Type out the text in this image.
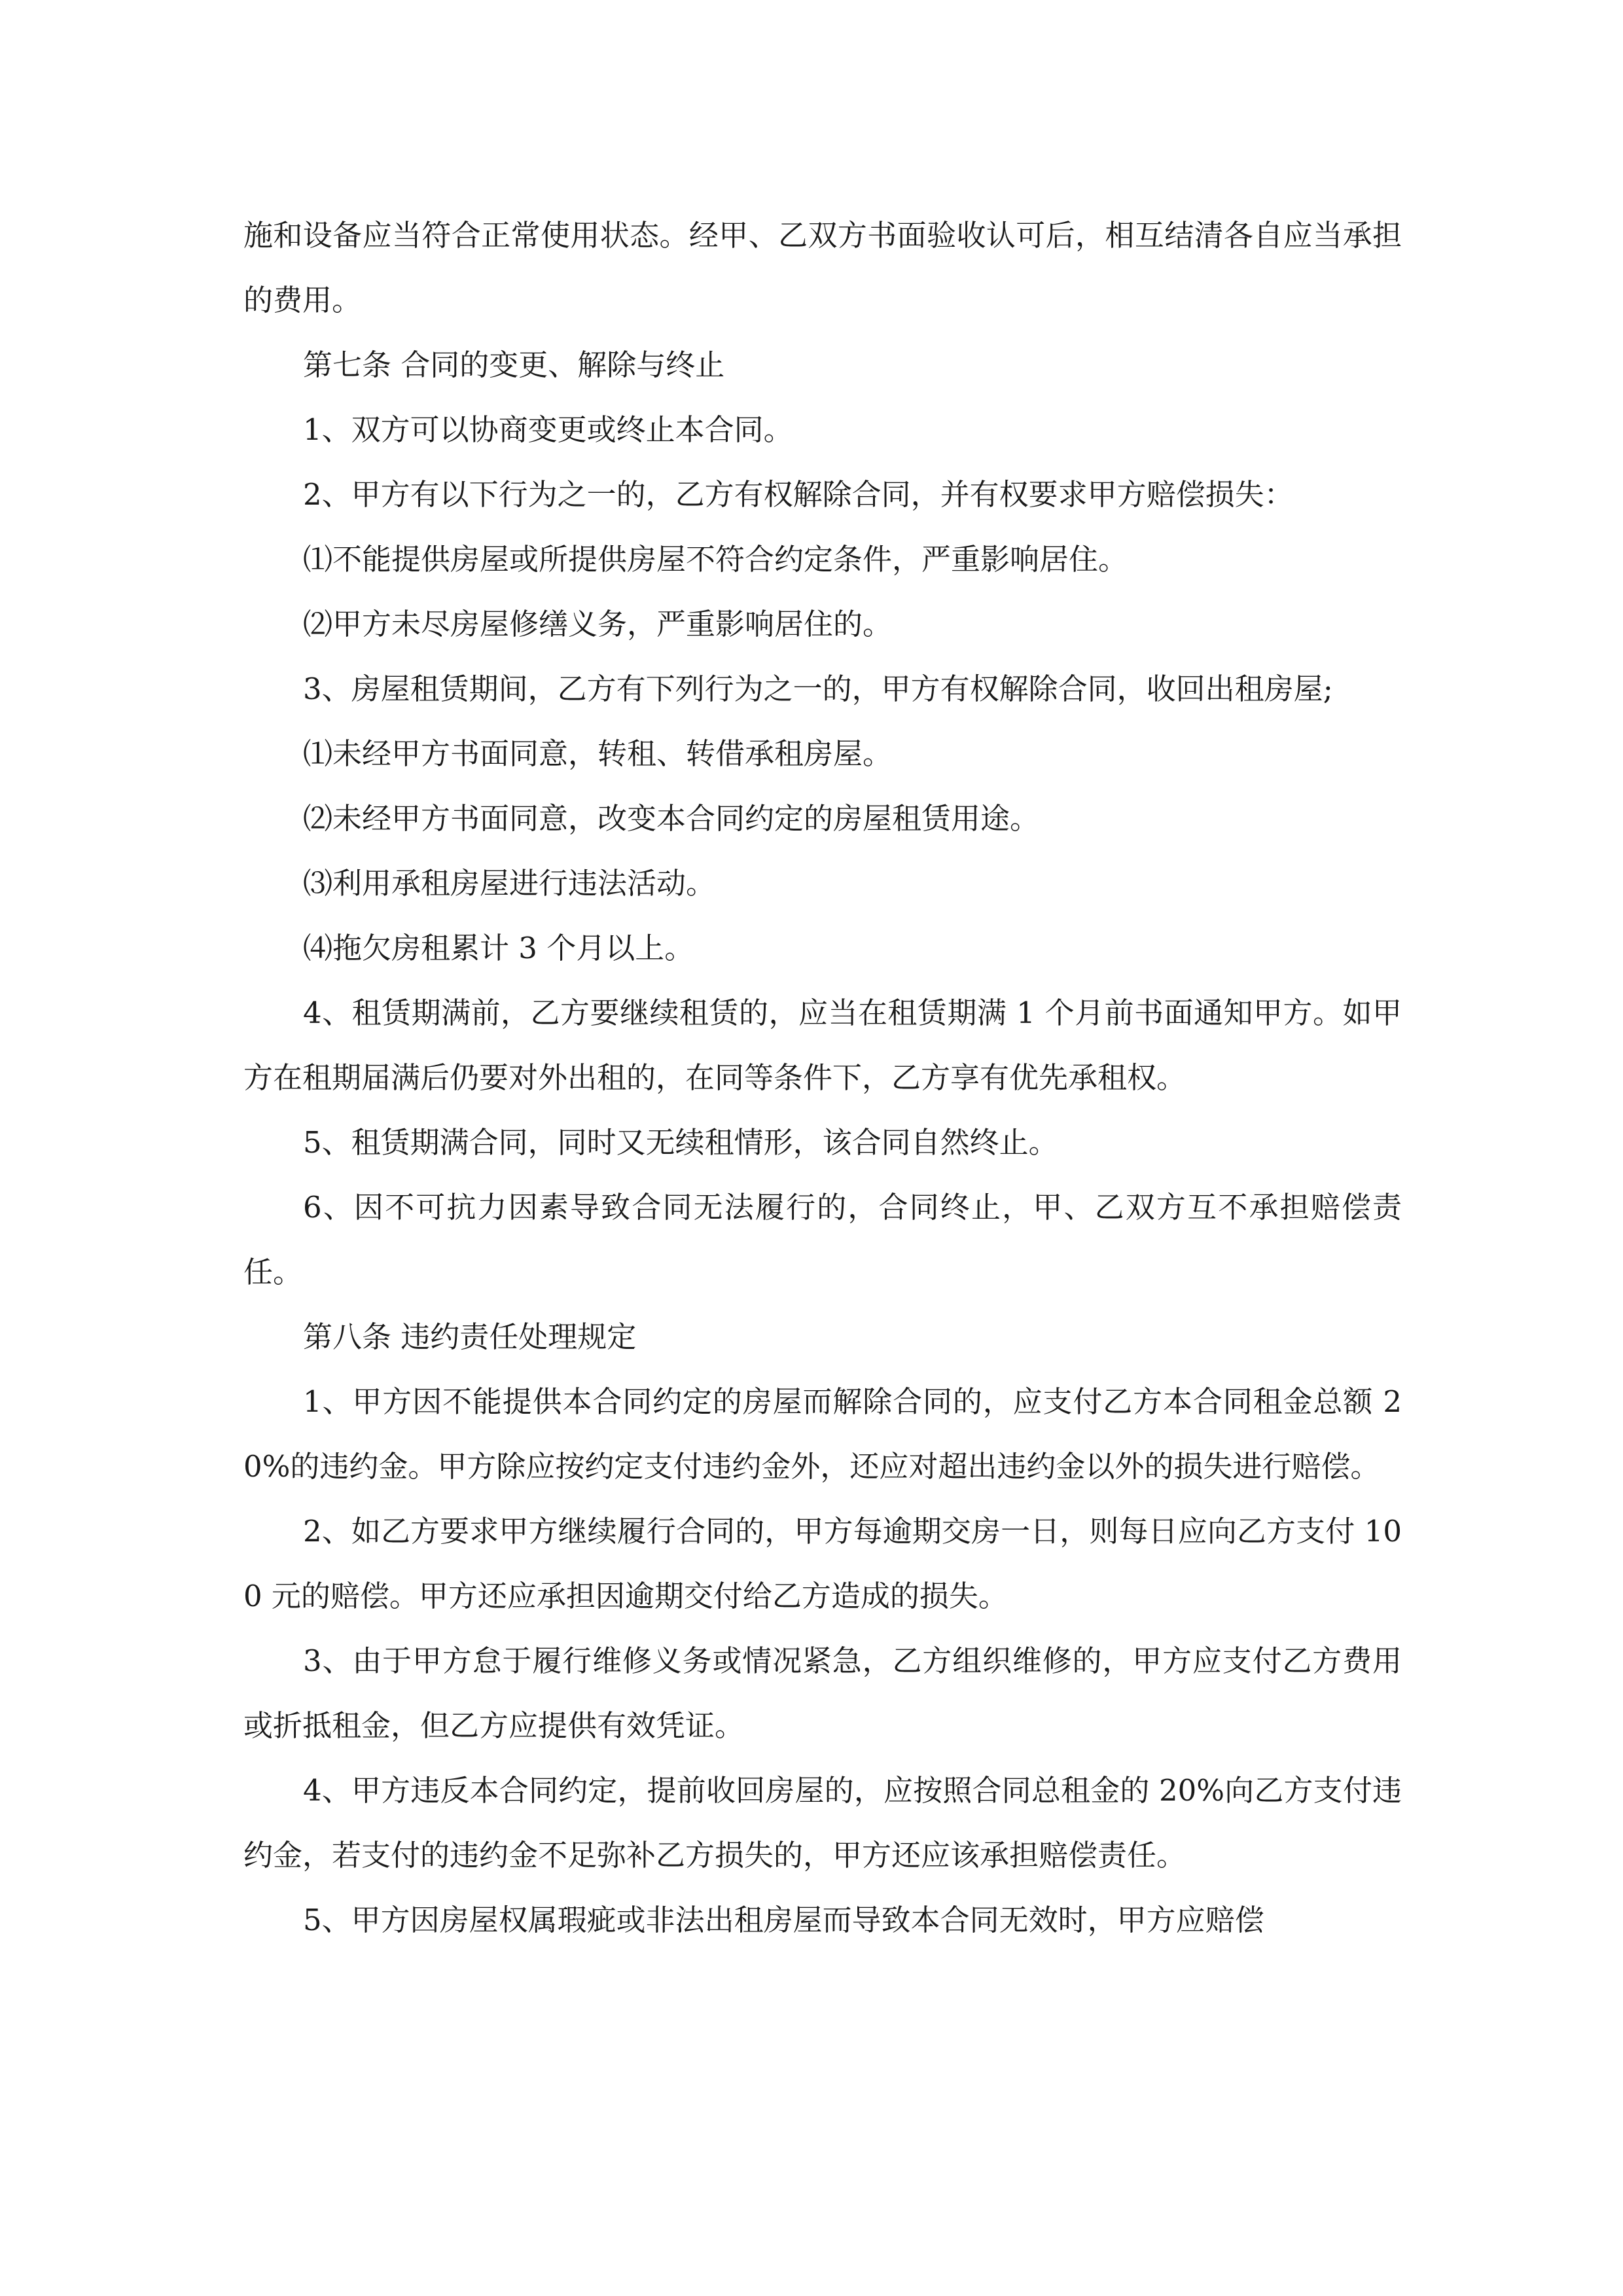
施和设备应当符合正常使用状态。经甲、乙双方书面验收认可后，相互结清各自应当承担的费用。

第七条 合同的变更、解除与终止

1、双方可以协商变更或终止本合同。

2、甲方有以下行为之一的，乙方有权解除合同，并有权要求甲方赔偿损失：

⑴不能提供房屋或所提供房屋不符合约定条件，严重影响居住。

⑵甲方未尽房屋修缮义务，严重影响居住的。

3、房屋租赁期间，乙方有下列行为之一的，甲方有权解除合同，收回出租房屋;

⑴未经甲方书面同意，转租、转借承租房屋。

⑵未经甲方书面同意，改变本合同约定的房屋租赁用途。

⑶利用承租房屋进行违法活动。

⑷拖欠房租累计 3 个月以上。

4、租赁期满前，乙方要继续租赁的，应当在租赁期满 1 个月前书面通知甲方。如甲方在租期届满后仍要对外出租的，在同等条件下，乙方享有优先承租权。

5、租赁期满合同，同时又无续租情形，该合同自然终止。

6、因不可抗力因素导致合同无法履行的，合同终止，甲、乙双方互不承担赔偿责任。

第八条 违约责任处理规定

1、甲方因不能提供本合同约定的房屋而解除合同的，应支付乙方本合同租金总额 20%的违约金。甲方除应按约定支付违约金外，还应对超出违约金以外的损失进行赔偿。

2、如乙方要求甲方继续履行合同的，甲方每逾期交房一日，则每日应向乙方支付 100 元的赔偿。甲方还应承担因逾期交付给乙方造成的损失。

3、由于甲方怠于履行维修义务或情况紧急，乙方组织维修的，甲方应支付乙方费用或折抵租金，但乙方应提供有效凭证。

4、甲方违反本合同约定，提前收回房屋的，应按照合同总租金的 20%向乙方支付违约金，若支付的违约金不足弥补乙方损失的，甲方还应该承担赔偿责任。

5、甲方因房屋权属瑕疵或非法出租房屋而导致本合同无效时，甲方应赔偿
